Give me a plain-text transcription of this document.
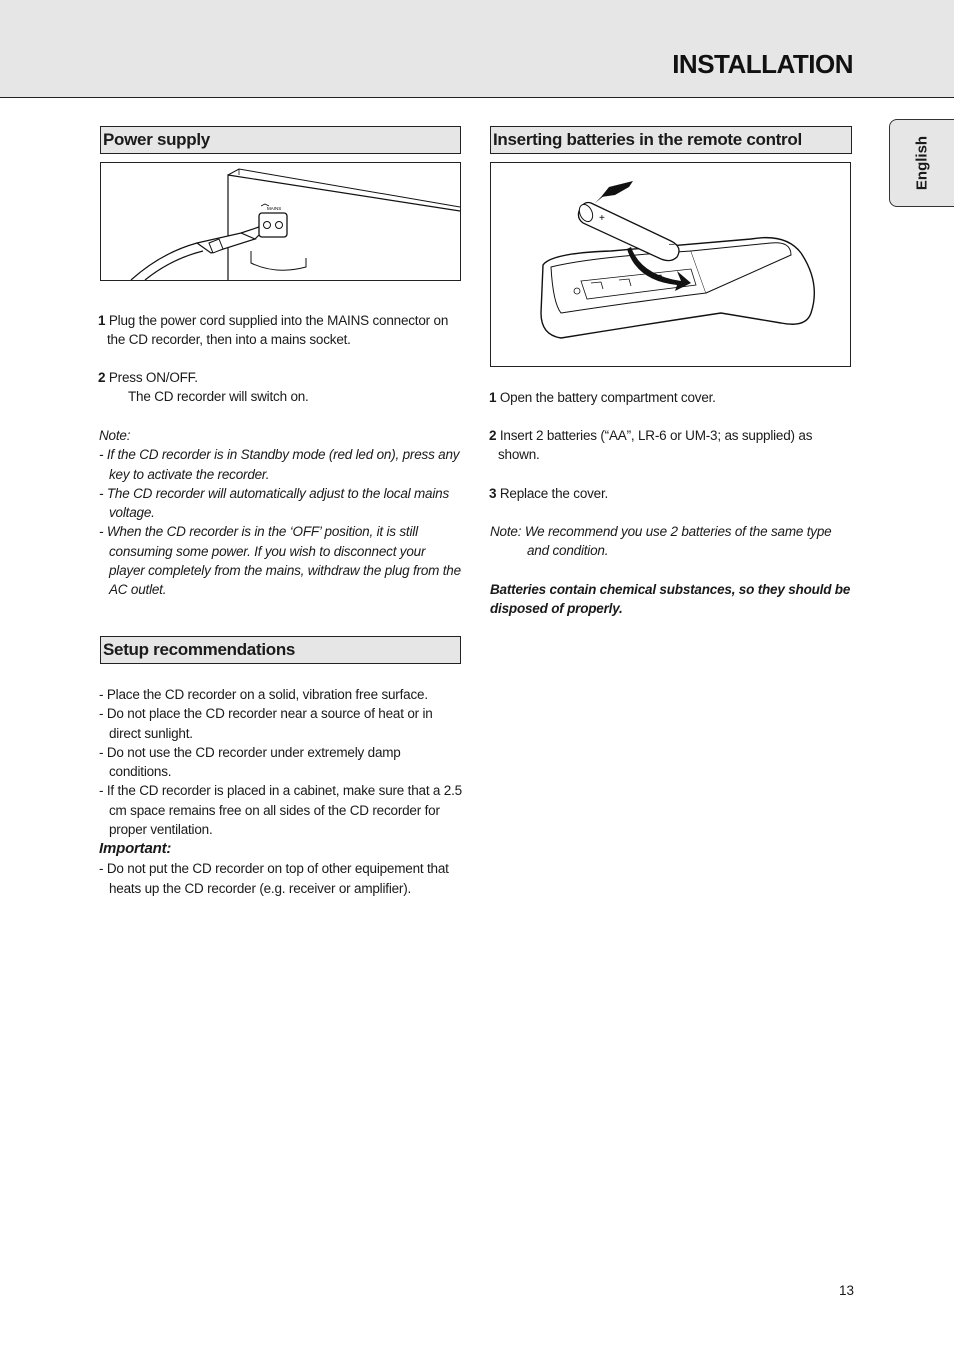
INSTALLATION
English
Power supply
MAINS

1 Plug the power cord supplied into the MAINS connector on the CD recorder, then into a mains socket.

2 Press ON/OFF.

The CD recorder will switch on.

Note:

- If the CD recorder is in Standby mode (red led on), press any key to activate the recorder.

- The CD recorder will automatically adjust to the local mains voltage.

- When the CD recorder is in the ‘OFF’ position, it is still consuming some power. If you wish to disconnect your player completely from the mains, withdraw the plug from the AC outlet.

Setup recommendations

- Place the CD recorder on a solid, vibration free surface.

- Do not place the CD recorder near a source of heat or in direct sunlight.

- Do not use the CD recorder under extremely damp conditions.

- If the CD recorder is placed in a cabinet, make sure that a 2.5 cm space remains free on all sides of the CD recorder for proper ventilation.

Important:

- Do not put the CD recorder on top of other equipement that heats up the CD recorder (e.g. receiver or amplifier).

Inserting batteries in the remote control
+
–

1 Open the battery compartment cover.

2 Insert 2 batteries (“AA”, LR-6 or UM-3; as supplied) as shown.

3 Replace the cover.

Note: We recommend you use 2 batteries of the same type and condition.

Batteries contain chemical substances, so they should be disposed of properly.
13
